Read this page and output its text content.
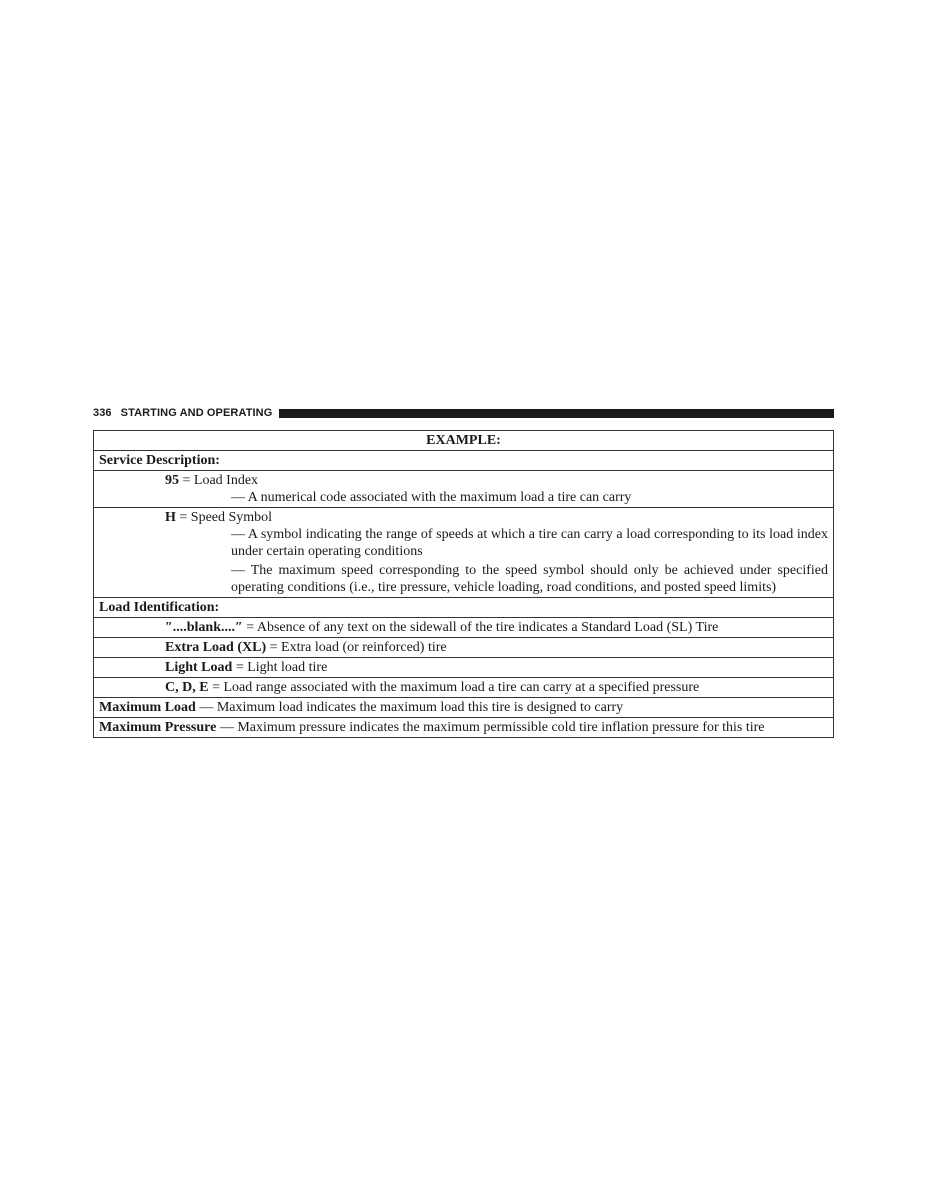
336 STARTING AND OPERATING
EXAMPLE:
Service Description:

95 = Load Index
— A numerical code associated with the maximum load a tire can carry

H = Speed Symbol
— A symbol indicating the range of speeds at which a tire can carry a load corresponding to its load index under certain operating conditions
— The maximum speed corresponding to the speed symbol should only be achieved under specified operating conditions (i.e., tire pressure, vehicle loading, road conditions, and posted speed limits)

Load Identification:

″....blank....″ = Absence of any text on the sidewall of the tire indicates a Standard Load (SL) Tire

Extra Load (XL) = Extra load (or reinforced) tire

Light Load = Light load tire

C, D, E = Load range associated with the maximum load a tire can carry at a specified pressure

Maximum Load — Maximum load indicates the maximum load this tire is designed to carry
Maximum Pressure — Maximum pressure indicates the maximum permissible cold tire inflation pressure for this tire
